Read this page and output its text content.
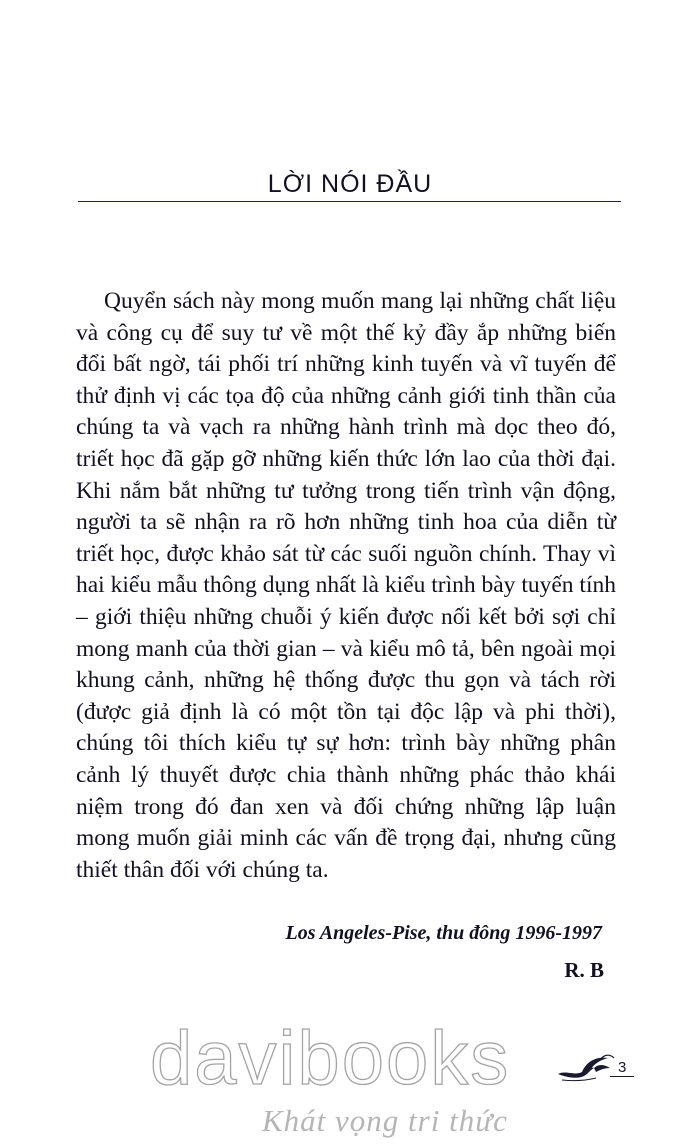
LỜI NÓI ĐẦU

Quyển sách này mong muốn mang lại những chất liệu và công cụ để suy tư về một thế kỷ đầy ắp những biến đổi bất ngờ, tái phối trí những kinh tuyến và vĩ tuyến để thử định vị các tọa độ của những cảnh giới tinh thần của chúng ta và vạch ra những hành trình mà dọc theo đó, triết học đã gặp gỡ những kiến thức lớn lao của thời đại. Khi nắm bắt những tư tưởng trong tiến trình vận động, người ta sẽ nhận ra rõ hơn những tinh hoa của diễn từ triết học, được khảo sát từ các suối nguồn chính. Thay vì hai kiểu mẫu thông dụng nhất là kiểu trình bày tuyến tính – giới thiệu những chuỗi ý kiến được nối kết bởi sợi chỉ mong manh của thời gian – và kiểu mô tả, bên ngoài mọi khung cảnh, những hệ thống được thu gọn và tách rời (được giả định là có một tồn tại độc lập và phi thời), chúng tôi thích kiểu tự sự hơn: trình bày những phân cảnh lý thuyết được chia thành những phác thảo khái niệm trong đó đan xen và đối chứng những lập luận mong muốn giải minh các vấn đề trọng đại, nhưng cũng thiết thân đối với chúng ta.

Los Angeles-Pise, thu đông 1996-1997
R. B
davibooks
Khát vọng tri thức
3
